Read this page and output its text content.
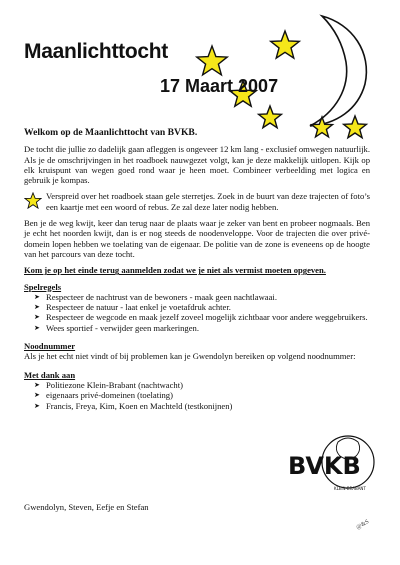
Maanlichttocht
17 Maart 2007

Welkom op de Maanlichttocht van BVKB.

De tocht die jullie zo dadelijk gaan afleggen is ongeveer 12 km lang - exclusief omwegen natuurlijk. Als je de omschrijvingen in het roadboek nauwgezet volgt, kan je deze makkelijk uitlopen. Kijk op elk kruispunt van wegen goed rond waar je heen moet. Combineer verbeelding met logica en gebruik je kompas.

Verspreid over het roadboek staan gele sterretjes. Zoek in de buurt van deze trajecten of foto’s een kaartje met een woord of rebus. Ze zal deze later nodig hebben.

Ben je de weg kwijt, keer dan terug naar de plaats waar je zeker van bent en probeer nogmaals. Ben je echt het noorden kwijt, dan is er nog steeds de noodenveloppe. Voor de trajecten die over privé-domein lopen hebben we toelating van de eigenaar. De politie van de zone is eveneens op de hoogte van het parcours van deze tocht.

Kom je op het einde terug aanmelden zodat we je niet als vermist moeten opgeven.

Spelregels
➤ Respecteer de nachtrust van de bewoners - maak geen nachtlawaai.
➤ Respecteer de natuur - laat enkel je voetafdruk achter.
➤ Respecteer de wegcode en maak jezelf zoveel mogelijk zichtbaar voor andere weggebruikers.
➤ Wees sportief - verwijder geen markeringen.
Noodnummer

Als je het echt niet vindt of bij problemen kan je Gwendolyn bereiken op volgend noodnummer:

Met dank aan
➤ Politiezone Klein-Brabant (nachtwacht)
➤ eigenaars privé-domeinen (toelating)
➤ Francis, Freya, Kim, Koen en Machteld (testkonijnen)
Gwendolyn, Steven, Eefje en Stefan
BVKB
KLEIN-BRABANT
@&S
